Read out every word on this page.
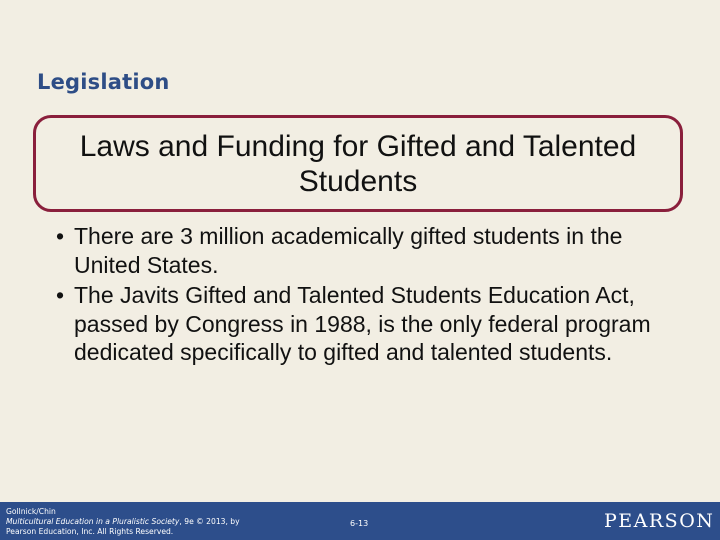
Legislation
Laws and Funding for Gifted and Talented Students
• There are 3 million academically gifted students in the United States.
• The Javits Gifted and Talented Students Education Act, passed by Congress in 1988, is the only federal program dedicated specifically to gifted and talented students.
Gollnick/Chin
Multicultural Education in a Pluralistic Society, 9e © 2013, by
Pearson Education, Inc. All Rights Reserved.
6-13	PEARSON
